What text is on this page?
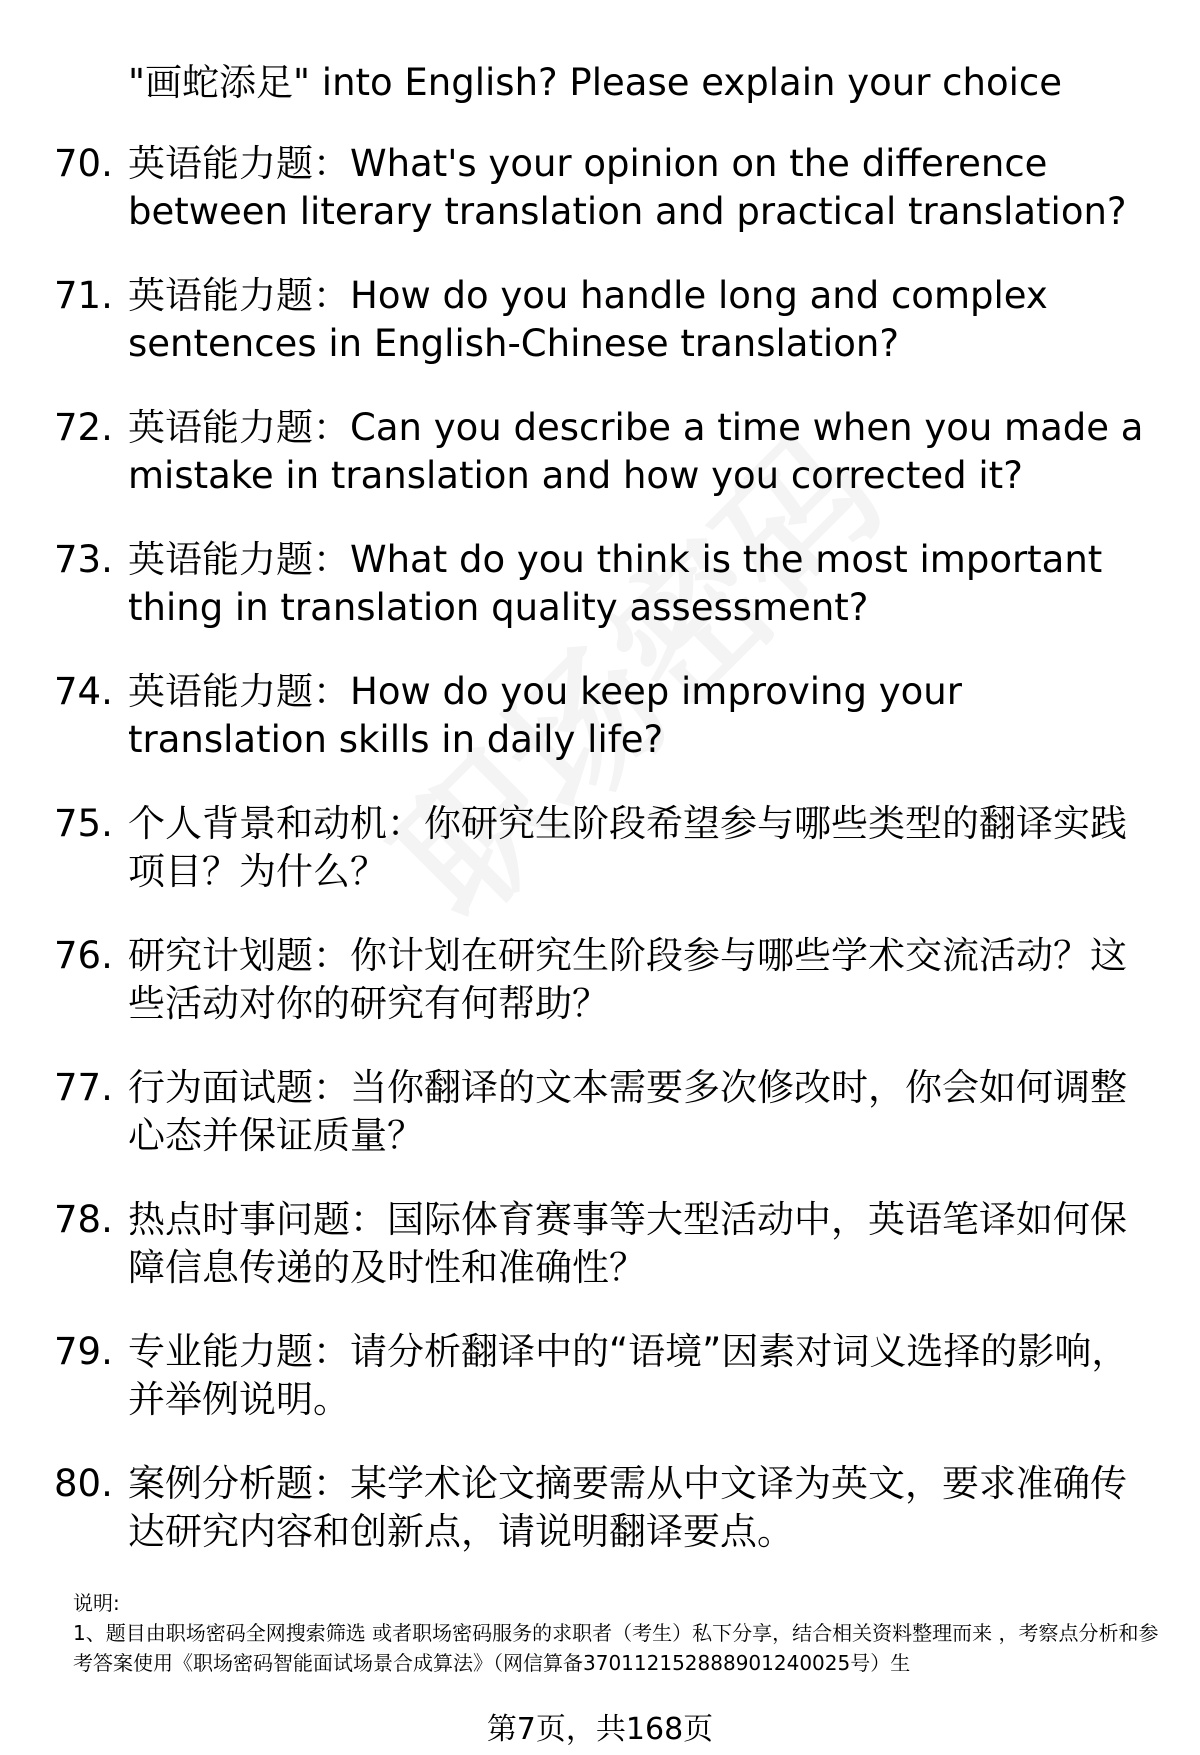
"画蛇添足" into English? Please explain your choice
70. 英语能力题：What's your opinion on the difference between literary translation and practical translation?
71. 英语能力题：How do you handle long and complex sentences in English-Chinese translation?
72. 英语能力题：Can you describe a time when you made a mistake in translation and how you corrected it?
73. 英语能力题：What do you think is the most important thing in translation quality assessment?
74. 英语能力题：How do you keep improving your translation skills in daily life?
75. 个人背景和动机：你研究生阶段希望参与哪些类型的翻译实践项目？为什么？
76. 研究计划题：你计划在研究生阶段参与哪些学术交流活动？这些活动对你的研究有何帮助？
77. 行为面试题：当你翻译的文本需要多次修改时，你会如何调整心态并保证质量？
78. 热点时事问题：国际体育赛事等大型活动中，英语笔译如何保障信息传递的及时性和准确性？
79. 专业能力题：请分析翻译中的“语境”因素对词义选择的影响，并举例说明。
80. 案例分析题：某学术论文摘要需从中文译为英文，要求准确传达研究内容和创新点，请说明翻译要点。
说明:

1、题目由职场密码全网搜索筛选 或者职场密码服务的求职者（考生）私下分享，结合相关资料整理而来 ，考察点分析和参考答案使用《职场密码智能面试场景合成算法》（网信算备370112152888901240025号）生

第7页，共168页
